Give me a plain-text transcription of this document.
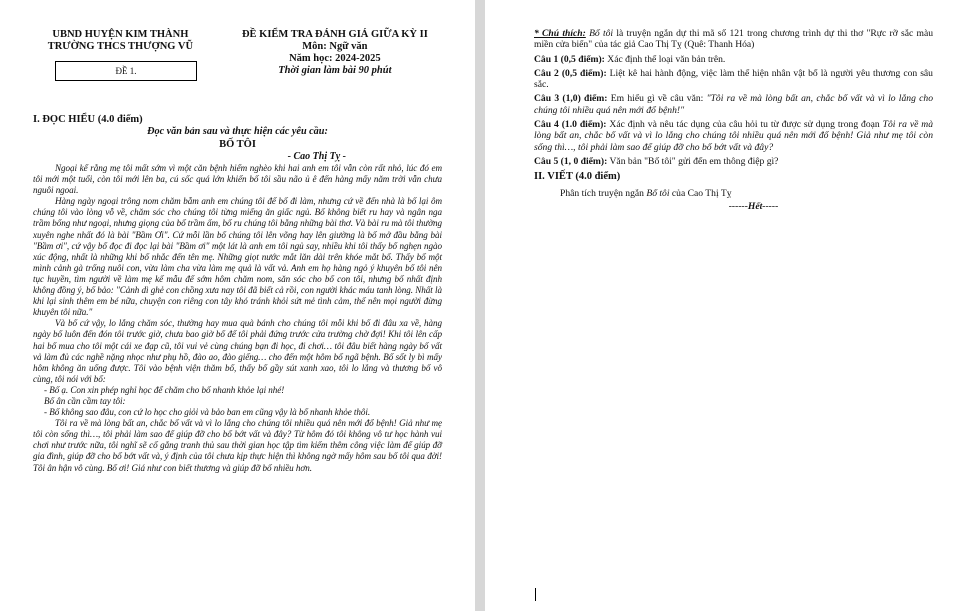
UBND HUYỆN KIM THÀNH
TRƯỜNG THCS THƯỢNG VŨ
ĐỀ 1.
ĐỀ KIỂM TRA ĐÁNH GIÁ GIỮA KỲ II
Môn: Ngữ văn
Năm học: 2024-2025
Thời gian làm bài 90 phút
I. ĐỌC HIỂU (4.0 điểm)
Đọc văn bản sau và thực hiện các yêu cầu:
BỐ TÔI
- Cao Thị Tỵ -

Ngoại kể rằng mẹ tôi mất sớm vì một căn bệnh hiểm nghèo khi hai anh em tôi vẫn còn rất nhỏ, lúc đó em tôi mới một tuổi, còn tôi mới lên ba, cú sốc quá lớn khiến bố tôi sầu não ủ ê đến hàng mấy năm trời vẫn chưa nguôi ngoai.

Hàng ngày ngoại trông nom chăm bẵm anh em chúng tôi để bố đi làm, nhưng cứ về đến nhà là bố lại ôm chúng tôi vào lòng vỗ về, chăm sóc cho chúng tôi từng miếng ăn giấc ngủ. Bố không biết ru hay và ngân nga trầm bổng như ngoại, nhưng giọng của bố trầm ấm, bố ru chúng tôi bằng những bài thơ. Và bài ru mà tôi thường xuyên nghe nhất đó là bài "Bầm Ơi". Cứ mỗi lần bố chúng tôi lên võng hay lên giường là bố mở đầu bằng bài "Bầm ơi", cứ vậy bố đọc đi đọc lại bài "Bầm ơi" một lát là anh em tôi ngủ say, nhiều khi tôi thấy bố nghẹn ngào xúc động, nhất là những khi bố nhắc đến tên mẹ. Những giọt nước mắt lăn dài trên khóe mắt bố. Thấy bố một mình cảnh gà trống nuôi con, vừa làm cha vừa làm mẹ quả là vất vả. Anh em họ hàng ngỏ ý khuyên bố tôi nên tục huyền, tìm người về làm mẹ kế mẫu để sớm hôm chăm nom, săn sóc cho bố con tôi, nhưng bố nhất định không đồng ý, bố bảo: "Cảnh dì ghẻ con chồng xưa nay tôi đã biết cả rồi, con người khác máu tanh lòng. Nhất là khi lại sinh thêm em bé nữa, chuyện con riêng con tây khó tránh khỏi sứt mẻ tình cảm, thế nên mọi người đừng khuyên tôi nữa."

Và bố cứ vậy, lo lắng chăm sóc, thường hay mua quà bánh cho chúng tôi mỗi khi bố đi đâu xa về, hàng ngày bố luôn đến đón tôi trước giờ, chưa bao giờ bố để tôi phải đứng trước cửa trường chờ đợi! Khi tôi lên cấp hai bố mua cho tôi một cái xe đạp cũ, tôi vui vẻ cùng chúng bạn đi học, đi chơi… tôi đâu biết hàng ngày bố vất vả làm đủ các nghề nặng nhọc như phụ hồ, đào ao, đào giếng… cho đến một hôm bố ngã bệnh. Bố sốt ly bì mấy hôm không ăn uống được. Tôi vào bệnh viện thăm bố, thấy bố gầy sút xanh xao, tôi lo lắng và thương bố vô cùng, tôi nói với bố:

- Bố ạ. Con xin phép nghỉ học để chăm cho bố nhanh khỏe lại nhé!

Bố ân cần cầm tay tôi:

- Bố không sao đâu, con cứ lo học cho giỏi và bảo ban em cũng vậy là bố nhanh khỏe thôi.

Tôi ra về mà lòng bất an, chắc bố vất và vì lo lắng cho chúng tôi nhiều quá nên mới đổ bệnh! Giả như mẹ tôi còn sống thì…, tôi phải làm sao để giúp đỡ cho bố bớt vất và đây? Từ hôm đó tôi không vô tư học hành vui chơi như trước nữa, tôi nghĩ sẽ cố gắng tranh thủ sau thời gian học tập tìm kiếm thêm công việc làm để giúp đỡ gia đình, giúp đỡ cho bố bớt vất và, ý định của tôi chưa kịp thực hiện thì không ngờ mấy hôm sau bố tôi qua đời! Tôi ân hận vô cùng. Bố ơi! Giá như con biết thương và giúp đỡ bố nhiều hơn.

* Chú thích: Bố tôi là truyện ngắn dự thi mã số 121 trong chương trình dự thi thơ "Rực rỡ sắc màu miền cửa biển" của tác giả Cao Thị Tỵ (Quê: Thanh Hóa)
Câu 1 (0,5 điểm): Xác định thể loại văn bản trên.
Câu 2 (0,5 điểm): Liệt kê hai hành động, việc làm thể hiện nhân vật bố là người yêu thương con sâu sắc.
Câu 3 (1,0) điểm: Em hiểu gì về câu văn: "Tôi ra về mà lòng bất an, chắc bố vất và vì lo lắng cho chúng tôi nhiều quá nên mới đổ bệnh!"
Câu 4 (1.0 điểm): Xác định và nêu tác dụng của câu hỏi tu từ được sử dụng trong đoạn Tôi ra về mà lòng bất an, chắc bố vất và vì lo lắng cho chúng tôi nhiều quá nên mới đổ bệnh! Giả như mẹ tôi còn sống thì…, tôi phải làm sao để giúp đỡ cho bố bớt vất và đây?
Câu 5 (1, 0 điểm): Văn bản "Bố tôi" gửi đến em thông điệp gì?
II. VIẾT (4.0 điểm)
Phân tích truyện ngắn Bố tôi của Cao Thị Tỵ
------Hết-----
